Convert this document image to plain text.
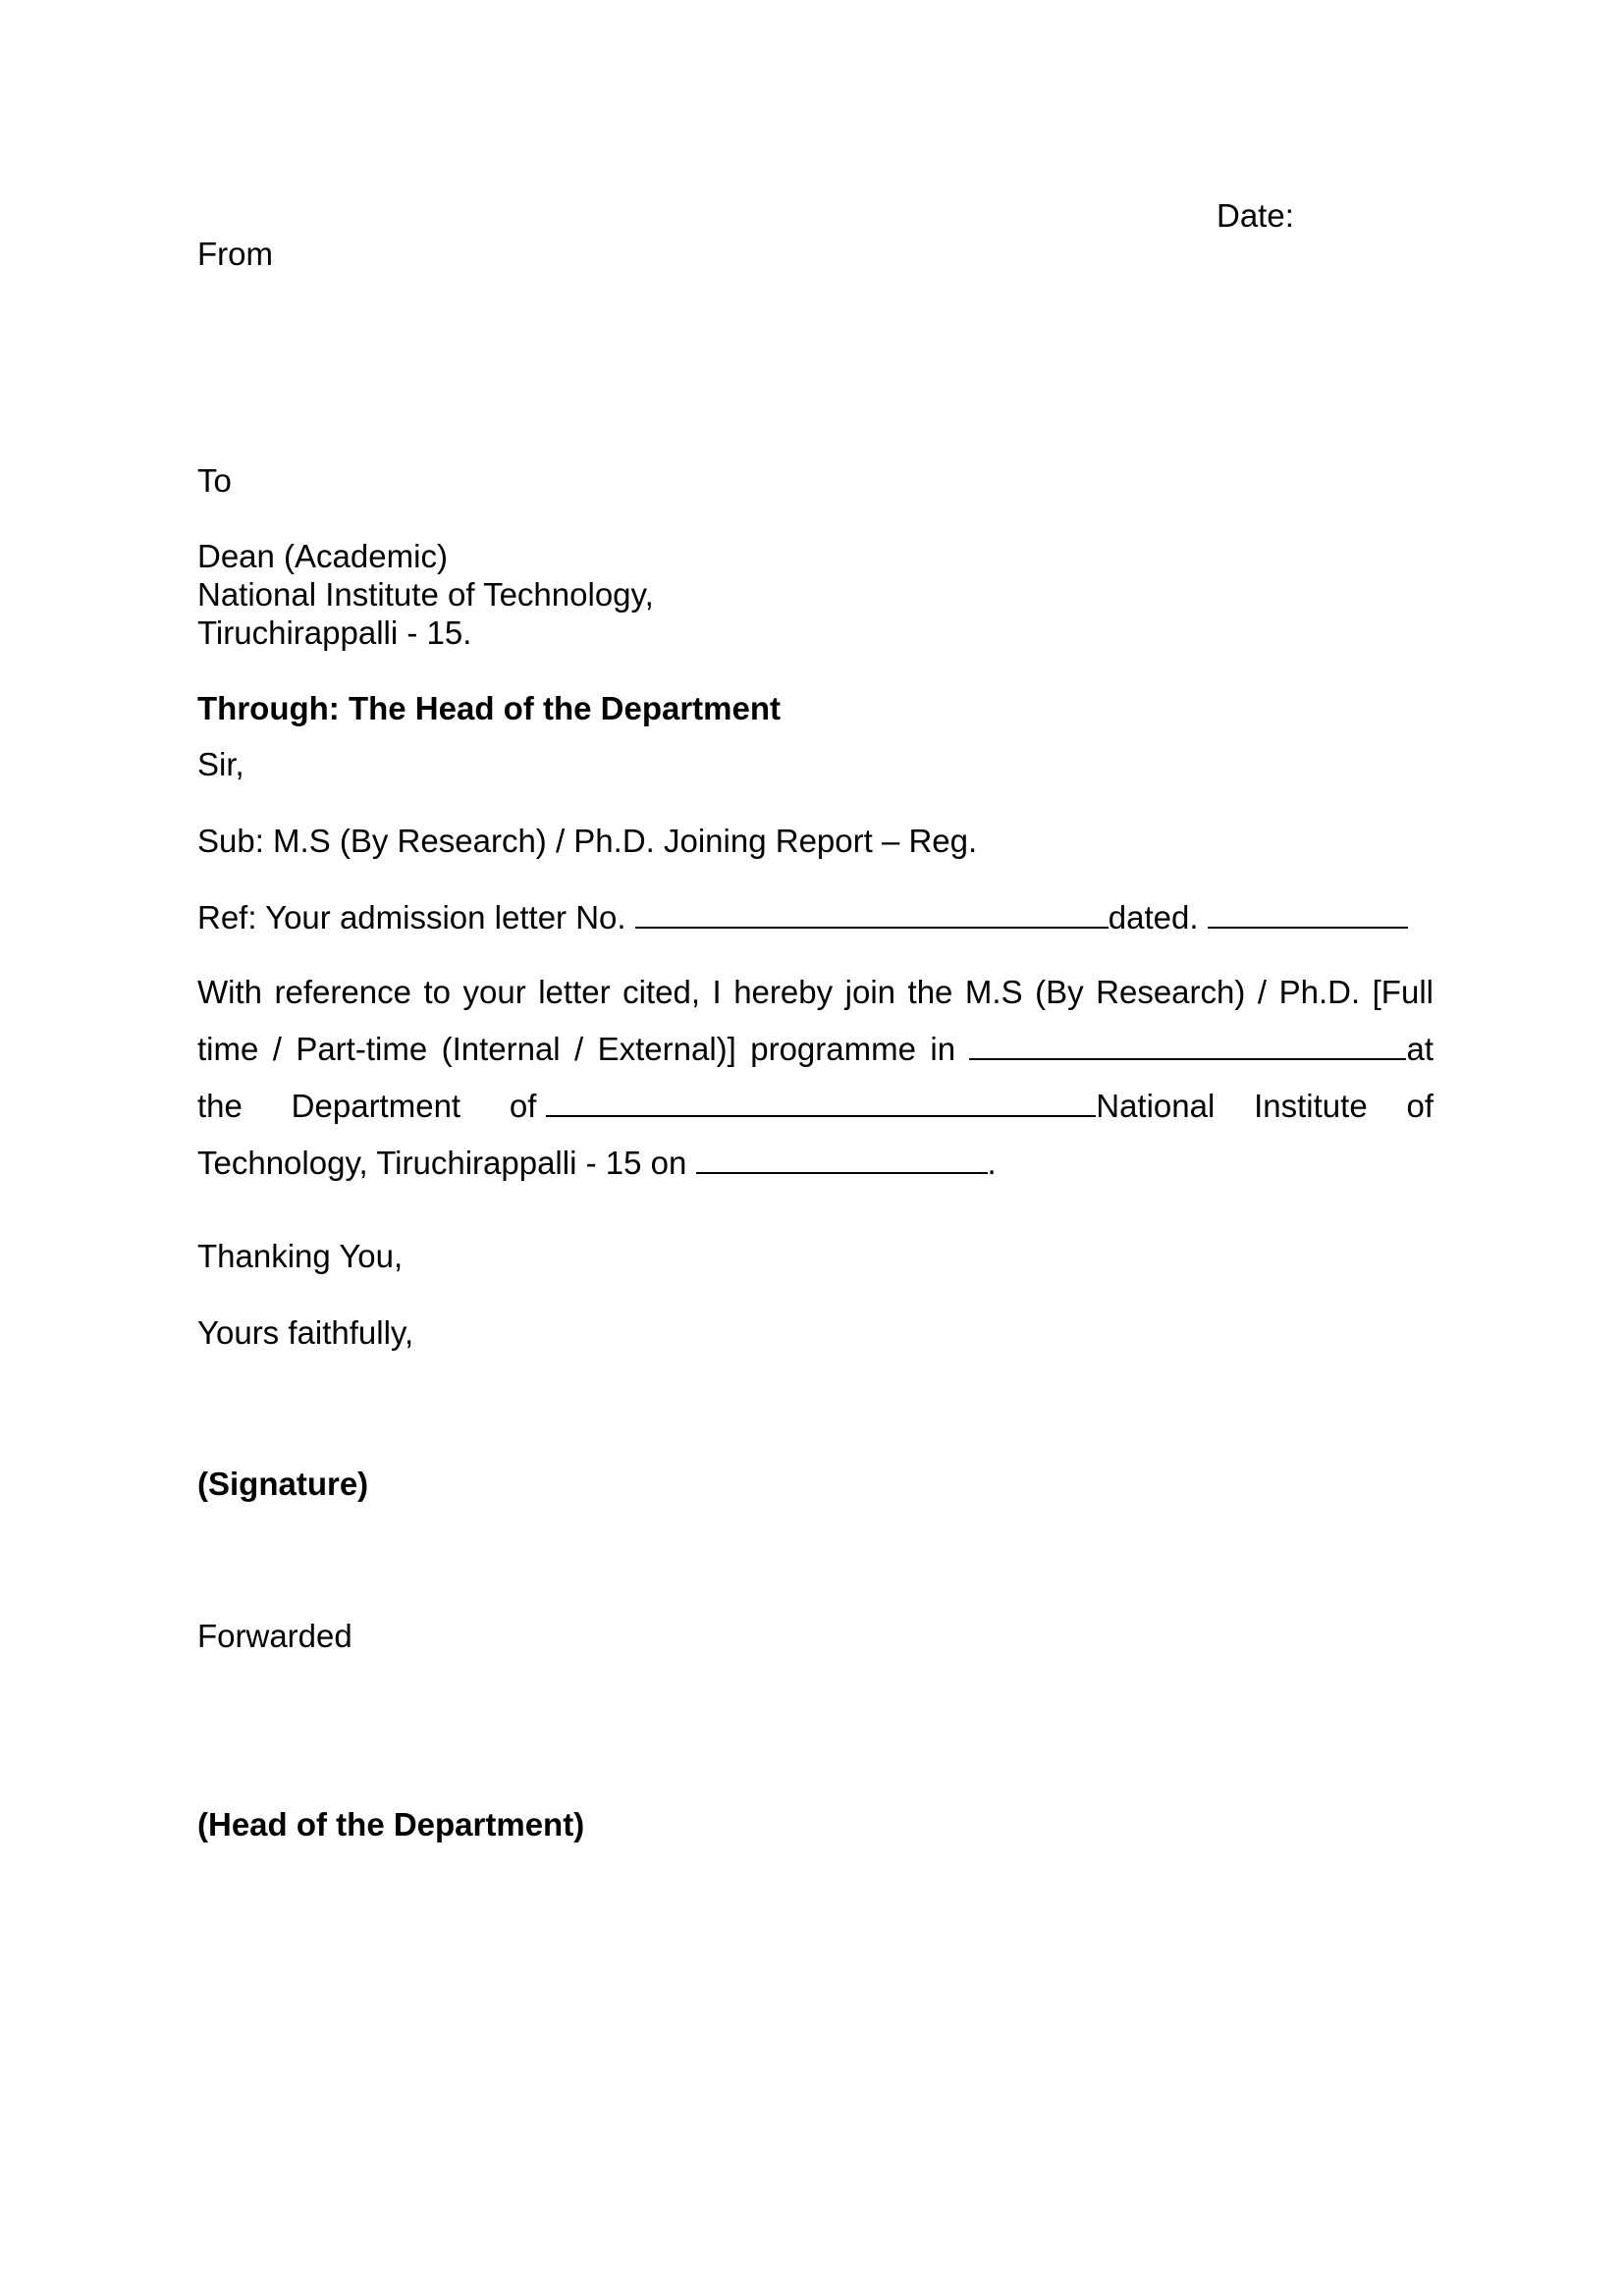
Date:
From
To
Dean (Academic)
National Institute of Technology,
Tiruchirappalli - 15.
Through: The Head of the Department
Sir,
Sub: M.S (By Research) / Ph.D. Joining Report – Reg.
Ref: Your admission letter No.	dated.
With reference to your letter cited, I hereby join the M.S (By Research) / Ph.D. [Full
time / Part-time (Internal / External)] programme in	at
the Department of	National Institute of
Technology, Tiruchirappalli - 15 on	.
Thanking You,
Yours faithfully,
(Signature)
Forwarded
(Head of the Department)
